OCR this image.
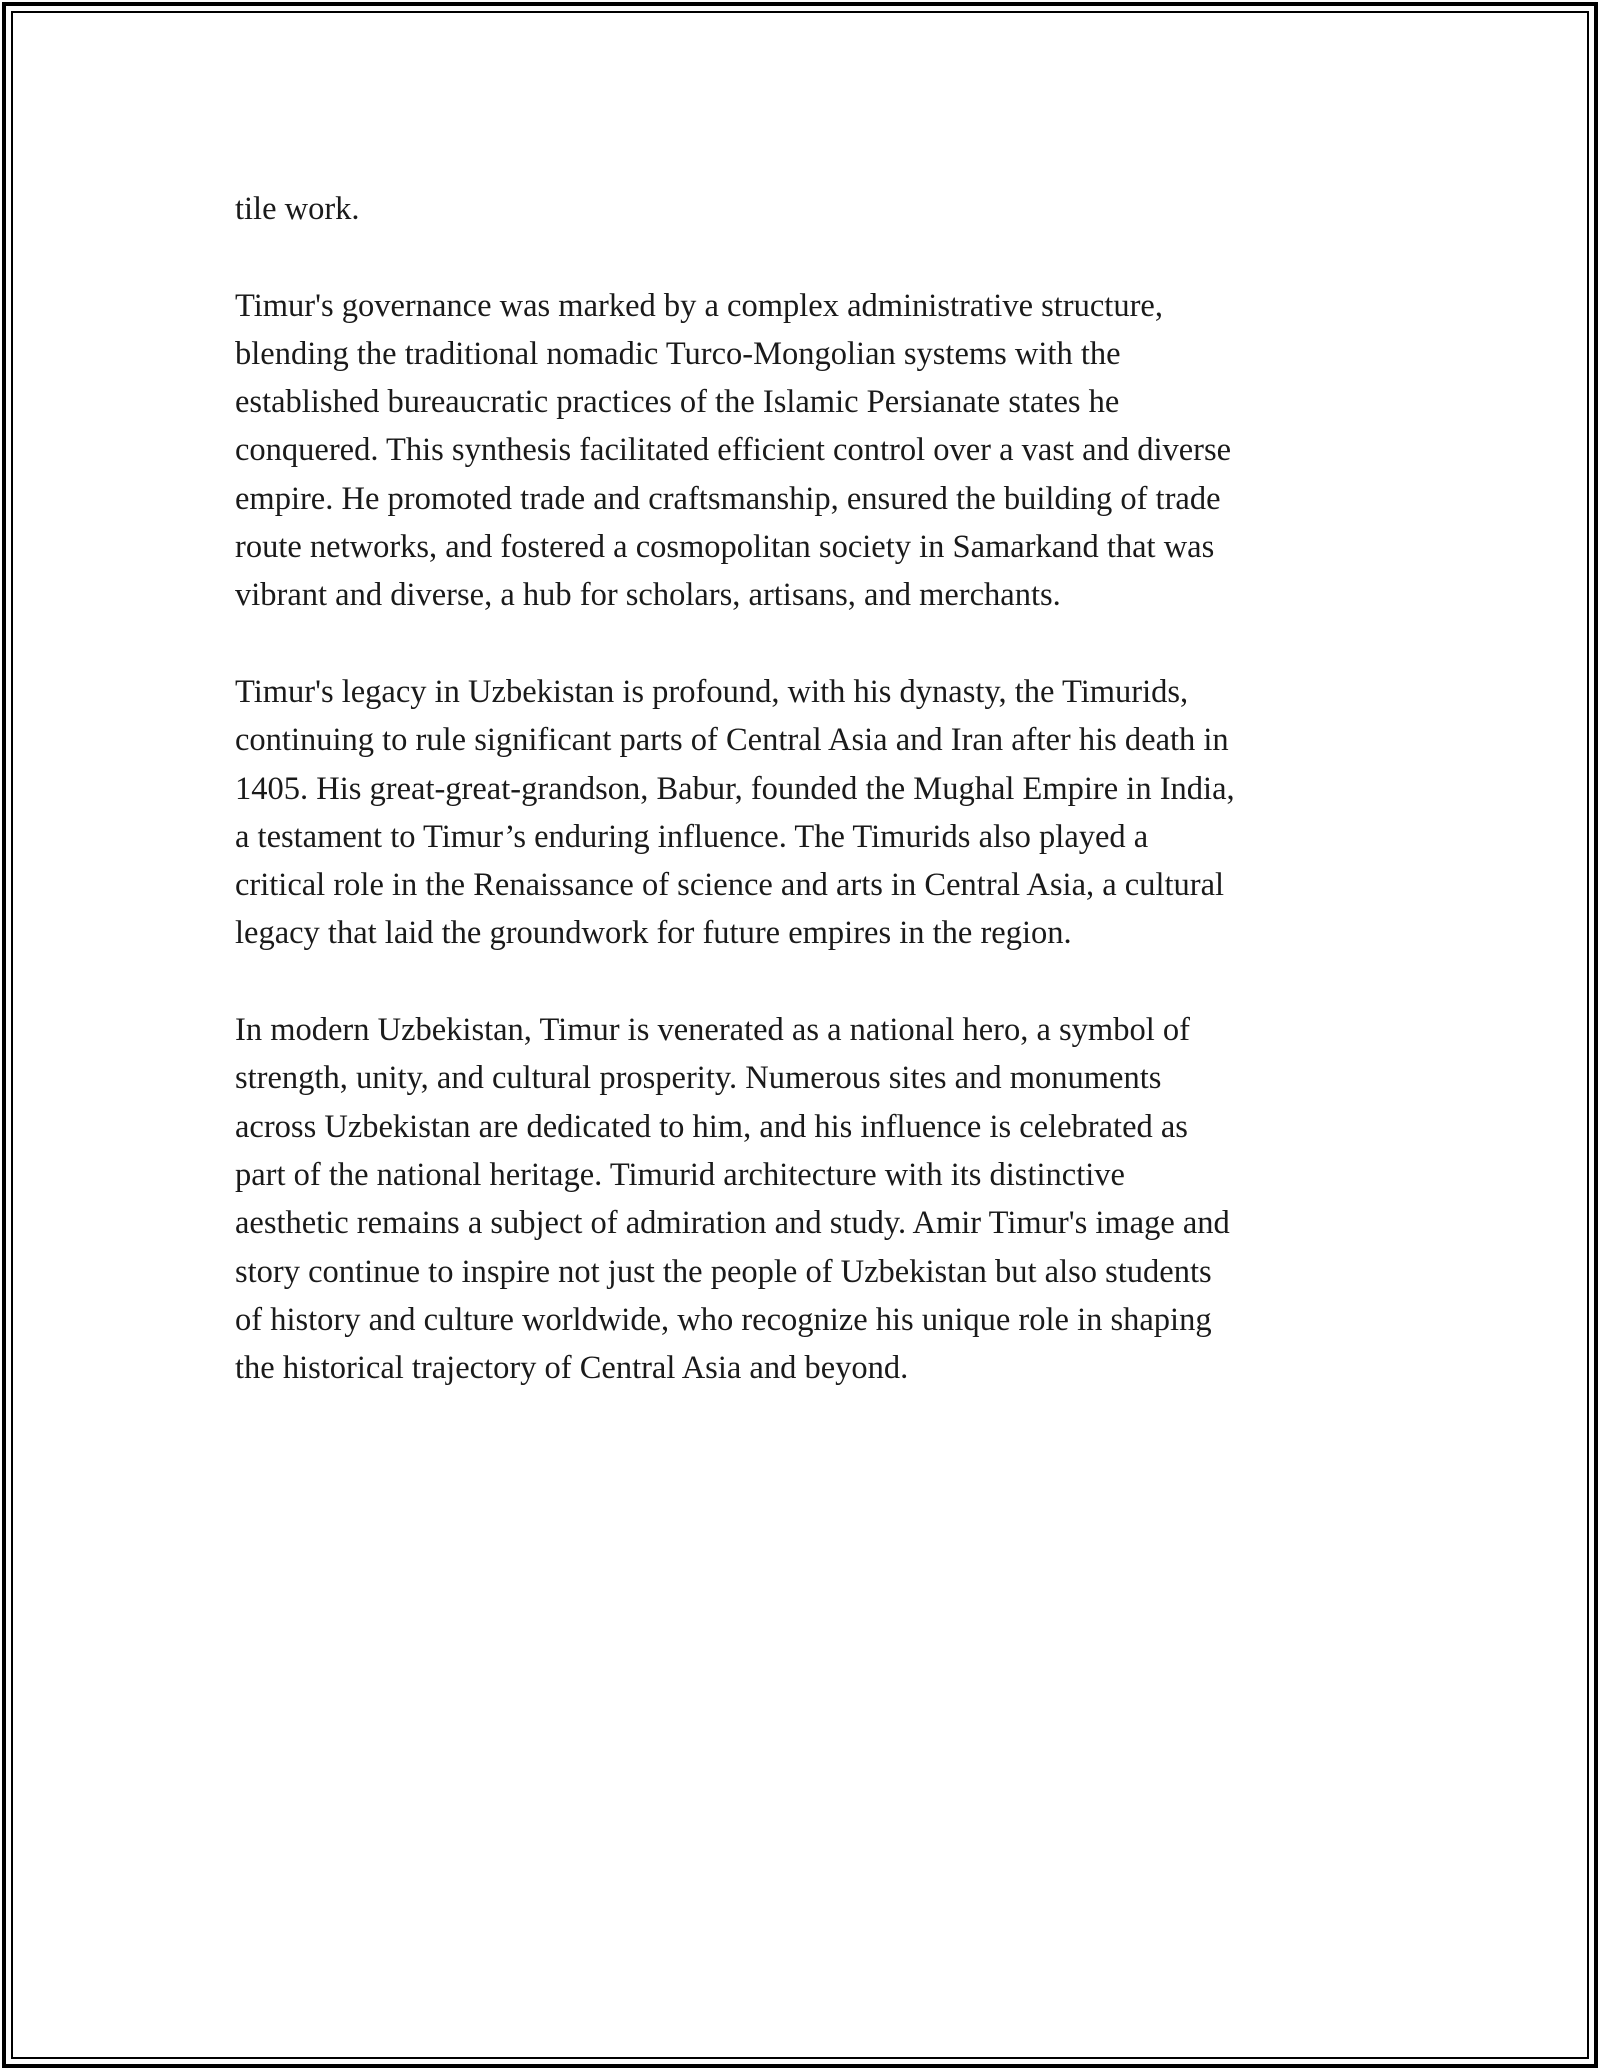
tile work.

Timur's governance was marked by a complex administrative structure,
blending the traditional nomadic Turco-Mongolian systems with the
established bureaucratic practices of the Islamic Persianate states he
conquered. This synthesis facilitated efficient control over a vast and diverse
empire. He promoted trade and craftsmanship, ensured the building of trade
route networks, and fostered a cosmopolitan society in Samarkand that was
vibrant and diverse, a hub for scholars, artisans, and merchants.

Timur's legacy in Uzbekistan is profound, with his dynasty, the Timurids,
continuing to rule significant parts of Central Asia and Iran after his death in
1405. His great-great-grandson, Babur, founded the Mughal Empire in India,
a testament to Timur’s enduring influence. The Timurids also played a
critical role in the Renaissance of science and arts in Central Asia, a cultural
legacy that laid the groundwork for future empires in the region.

In modern Uzbekistan, Timur is venerated as a national hero, a symbol of
strength, unity, and cultural prosperity. Numerous sites and monuments
across Uzbekistan are dedicated to him, and his influence is celebrated as
part of the national heritage. Timurid architecture with its distinctive
aesthetic remains a subject of admiration and study. Amir Timur's image and
story continue to inspire not just the people of Uzbekistan but also students
of history and culture worldwide, who recognize his unique role in shaping
the historical trajectory of Central Asia and beyond.
